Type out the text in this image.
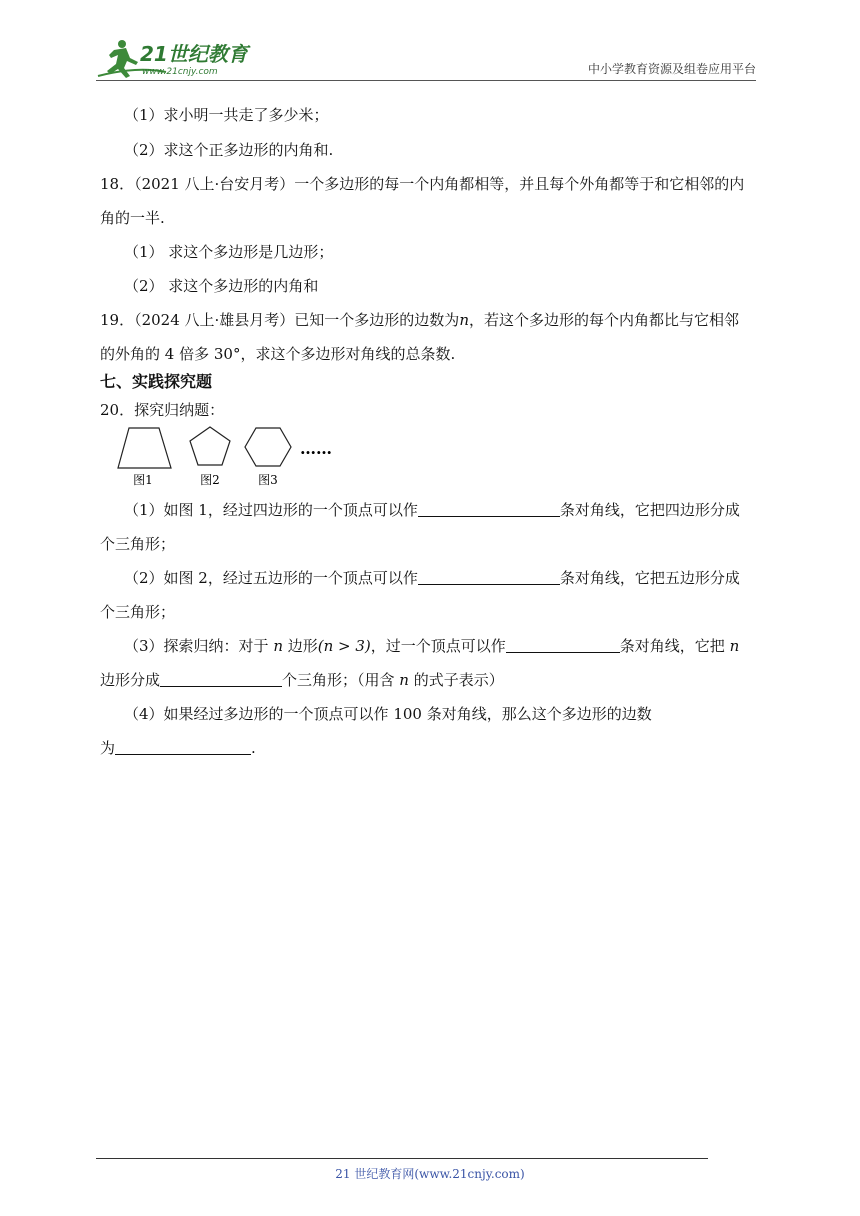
21世纪教育
www.21cnjy.com	中小学教育资源及组卷应用平台
（1）求小明一共走了多少米；
（2）求这个正多边形的内角和.
18．（2021 八上·台安月考）一个多边形的每一个内角都相等，并且每个外角都等于和它相邻的内
角的一半.
（1） 求这个多边形是几边形；
（2） 求这个多边形的内角和
19．（2024 八上·雄县月考）已知一个多边形的边数为n，若这个多边形的每个内角都比与它相邻
的外角的 4 倍多 30°，求这个多边形对角线的总条数.
七、实践探究题
20．探究归纳题：
图1	图2	图3
……
（1）如图 1，经过四边形的一个顶点可以作	条对角线，它把四边形分成
个三角形；
（2）如图 2，经过五边形的一个顶点可以作	条对角线，它把五边形分成
个三角形；
（3）探索归纳：对于 n 边形(n > 3)，过一个顶点可以作	条对角线，它把 n
边形分成	个三角形；（用含 n 的式子表示）
（4）如果经过多边形的一个顶点可以作 100 条对角线，那么这个多边形的边数
为	.
21 世纪教育网(www.21cnjy.com)
